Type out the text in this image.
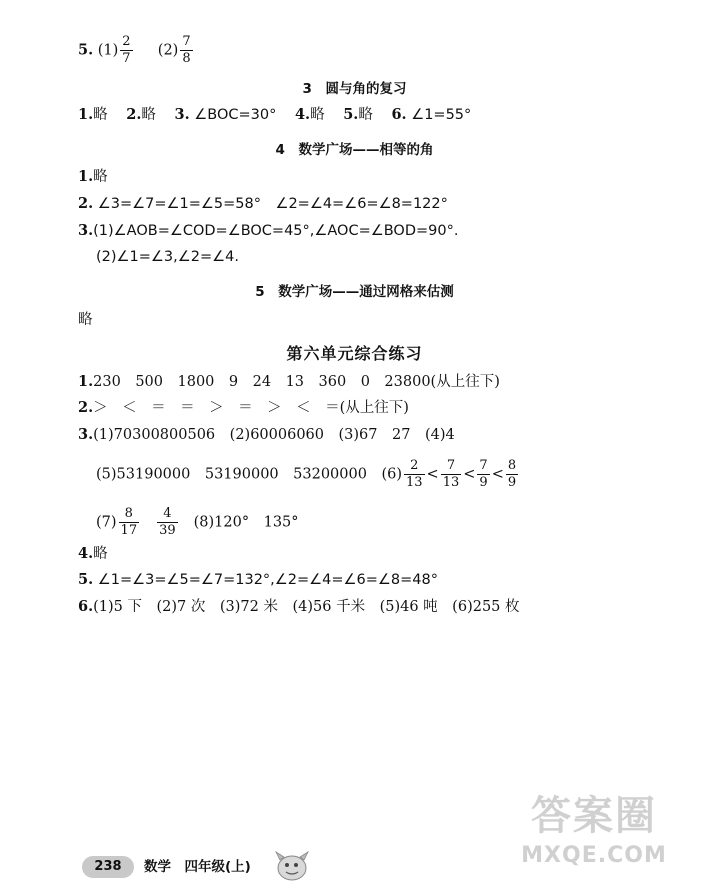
5. $(1) \frac{2}{7} (2) \frac{7}{8}$
3　圆与角的复习
1.略 2.略 3. ∠BOC=30° 4.略 5.略 6. ∠1=55°
4　数学广场——相等的角
1.略
2. ∠3=∠7=∠1=∠5=58°　∠2=∠4=∠6=∠8=122°
3.(1)∠AOB=∠COD=∠BOC=45°,∠AOC=∠BOD=90°.
(2)∠1=∠3,∠2=∠4.
5　数学广场——通过网格来估测
略
第六单元综合练习
1.230　500　1800　9　24　13　360　0　23800(从上往下)
2.＞　＜　＝　＝　＞　＝　＞　＜　＝(从上往下)
3.(1)70300800506　(2)60006060　(3)67　27　(4)4
(5)53190000　53190000　53200000　$(6) \frac{2}{13} < \frac{7}{13} < \frac{7}{9} < \frac{8}{9}$
$(7) \frac{8}{17} \frac{4}{39} (8)120^\circ$　135°
4.略
5. ∠1=∠3=∠5=∠7=132°,∠2=∠4=∠6=∠8=48°
6.(1)5 下　(2)7 次　(3)72 米　(4)56 千米　(5)46 吨　(6)255 枚
238	数学　四年级(上)
答案圈
MXQE.COM
